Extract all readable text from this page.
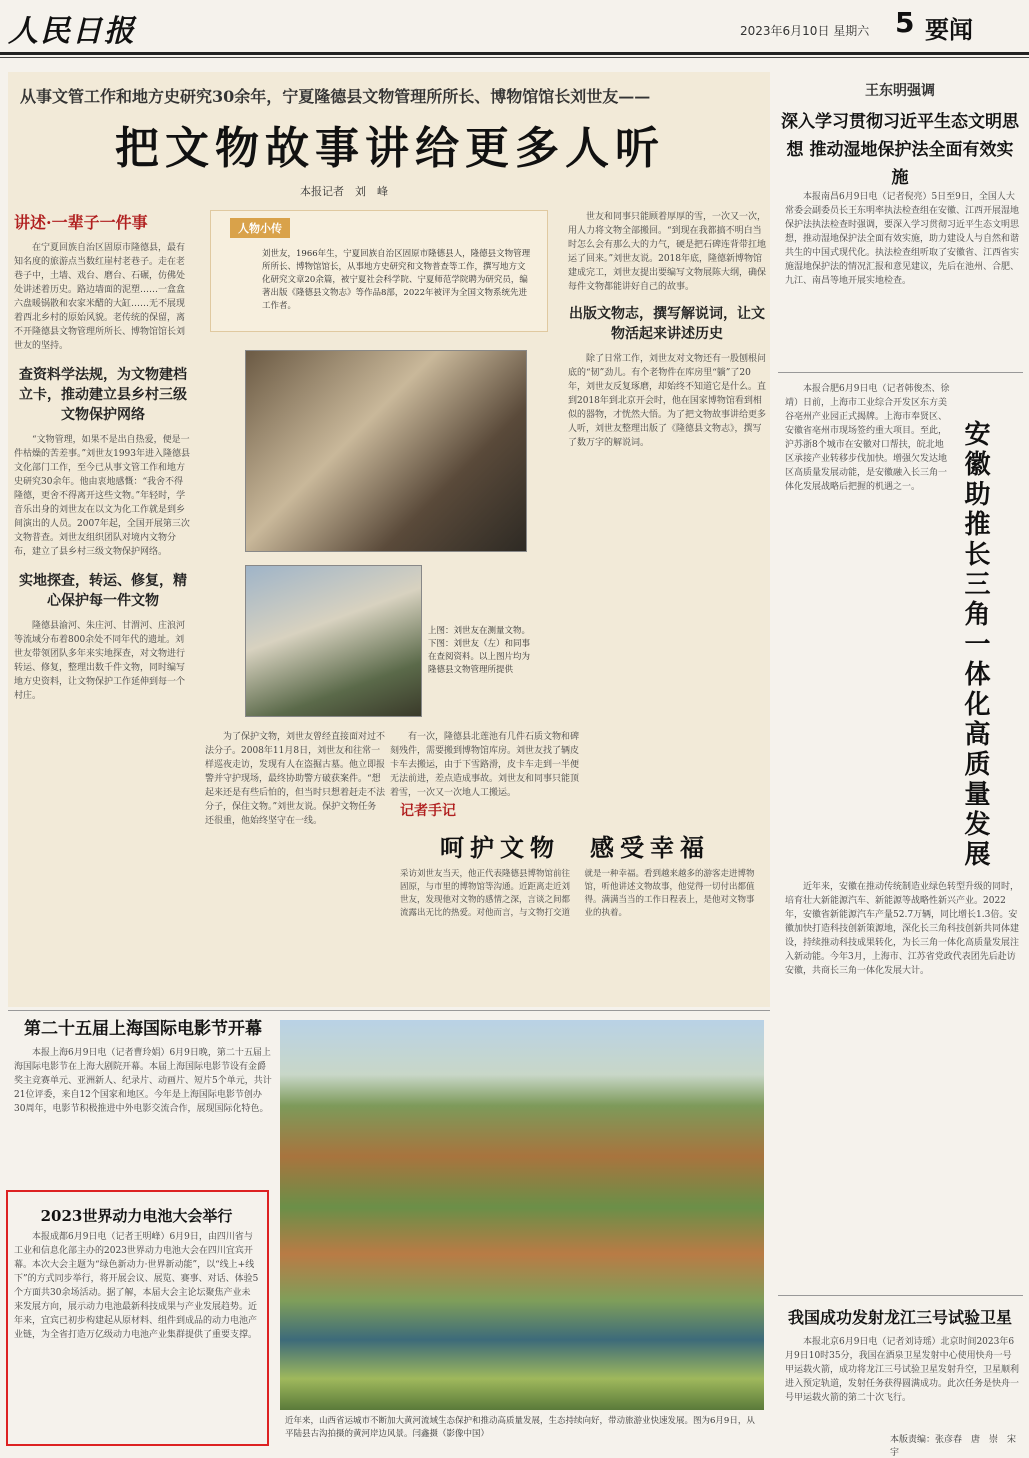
人民日报	2023年6月10日 星期六 5 要闻
从事文管工作和地方史研究30余年，宁夏隆德县文物管理所所长、博物馆馆长刘世友——
把文物故事讲给更多人听
本报记者　刘　峰
讲述·一辈子一件事
在宁夏回族自治区固原市隆德县，最有知名度的旅游点当数红崖村老巷子。走在老巷子中，土墙、戏台、磨台、石碾，仿佛处处讲述着历史。路边墙面的泥塑……一盒盒六盘暖锅散和农家米醋的大缸……无不展现着西北乡村的原始风貌。老传统的保留，离不开隆德县文物管理所所长、博物馆馆长刘世友的坚持。
查资料学法规，为文物建档立卡，推动建立县乡村三级文物保护网络
“文物管理，如果不是出自热爱，便是一件枯燥的苦差事。”刘世友1993年进入隆德县文化部门工作，至今已从事文管工作和地方史研究30余年。他由衷地感慨：“我舍不得隆德，更舍不得离开这些文物。”年轻时，学音乐出身的刘世友在以文为化工作就是到乡间演出的人员。2007年起，全国开展第三次文物普查。刘世友组织团队对境内文物分布，建立了县乡村三级文物保护网络。
实地探查，转运、修复，精心保护每一件文物
隆德县渝河、朱庄河、甘渭河、庄浪河等流域分布着800余处不同年代的遗址。刘世友带领团队多年来实地探查，对文物进行转运、修复，整理出数千件文物，同时编写地方史资料，让文物保护工作延伸到每一个村庄。
人物小传
刘世友，1966年生，宁夏回族自治区固原市隆德县人，隆德县文物管理所所长、博物馆馆长，从事地方史研究和文物普查等工作，撰写地方文化研究文章20余篇，被宁夏社会科学院、宁夏师范学院聘为研究员，编著出版《隆德县文物志》等作品8部，2022年被评为全国文物系统先进工作者。
上图：刘世友在测量文物。下图：刘世友（左）和同事在查阅资料。以上图片均为隆德县文物管理所提供
为了保护文物，刘世友曾经直接面对过不法分子。2008年11月8日，刘世友和往常一样巡夜走访，发现有人在盗掘古墓。他立即报警并守护现场，最终协助警方破获案件。“想起来还是有些后怕的，但当时只想着赶走不法分子，保住文物。”刘世友说。保护文物任务还很重，他始终坚守在一线。
世友和同事只能顾着厚厚的雪，一次又一次，用人力将文物全部搬回。“到现在我都搞不明白当时怎么会有那么大的力气，硬是把石碑连背带扛地运了回来。”刘世友说。2018年底，隆德新博物馆建成完工，刘世友提出要编写文物展陈大纲，确保每件文物都能讲好自己的故事。
出版文物志，撰写解说词，让文物活起来讲述历史
除了日常工作，刘世友对文物还有一股刨根问底的“韧”劲儿。有个老物件在库房里“躺”了20年，刘世友反复琢磨，却始终不知道它是什么。直到2018年到北京开会时，他在国家博物馆看到相似的器物，才恍然大悟。为了把文物故事讲给更多人听，刘世友整理出版了《隆德县文物志》，撰写了数万字的解说词。
有一次，隆德县北莲池有几件石质文物和碑刻残件，需要搬到博物馆库房。刘世友找了辆皮卡车去搬运，由于下雪路滑，皮卡车走到一半便无法前进，差点造成事故。刘世友和同事只能顶着雪，一次又一次地人工搬运。
记者手记
呵护文物　感受幸福
采访刘世友当天，他正代表隆德县博物馆前往固原，与市里的博物馆等沟通。近距离走近刘世友，发现他对文物的感情之深，言谈之间都流露出无比的热爱。对他而言，与文物打交道就是一种幸福。看到越来越多的游客走进博物馆，听他讲述文物故事，他觉得一切付出都值得。满满当当的工作日程表上，是他对文物事业的执着。
王东明强调
深入学习贯彻习近平生态文明思想 推动湿地保护法全面有效实施
本报南昌6月9日电（记者倪亮）5日至9日，全国人大常委会副委员长王东明率执法检查组在安徽、江西开展湿地保护法执法检查时强调，要深入学习贯彻习近平生态文明思想，推动湿地保护法全面有效实施，助力建设人与自然和谐共生的中国式现代化。执法检查组听取了安徽省、江西省实施湿地保护法的情况汇报和意见建议，先后在池州、合肥、九江、南昌等地开展实地检查。
本报合肥6月9日电（记者韩俊杰、徐靖）日前，上海市工业综合开发区东方美谷亳州产业园正式揭牌。上海市奉贤区、安徽省亳州市现场签约重大项目。至此，沪苏浙8个城市在安徽对口帮扶，皖北地区承接产业转移步伐加快。增强欠发达地区高质量发展动能，是安徽融入长三角一体化发展战略后把握的机遇之一。	安徽助推长三角一体化高质量发展
近年来，安徽在推动传统制造业绿色转型升级的同时，培育壮大新能源汽车、新能源等战略性新兴产业。2022年，安徽省新能源汽车产量52.7万辆，同比增长1.3倍。安徽加快打造科技创新策源地，深化长三角科技创新共同体建设，持续推动科技成果转化，为长三角一体化高质量发展注入新动能。今年3月，上海市、江苏省党政代表团先后赴访安徽，共商长三角一体化发展大计。
我国成功发射龙江三号试验卫星
本报北京6月9日电（记者刘诗瑶）北京时间2023年6月9日10时35分，我国在酒泉卫星发射中心使用快舟一号甲运载火箭，成功将龙江三号试验卫星发射升空，卫星顺利进入预定轨道，发射任务获得圆满成功。此次任务是快舟一号甲运载火箭的第二十次飞行。
本版责编：张彦春　唐　崇　宋　宇
第二十五届上海国际电影节开幕
本报上海6月9日电（记者曹玲娟）6月9日晚，第二十五届上海国际电影节在上海大剧院开幕。本届上海国际电影节设有金爵奖主竞赛单元、亚洲新人、纪录片、动画片、短片5个单元，共计21位评委，来自12个国家和地区。今年是上海国际电影节创办30周年，电影节积极推进中外电影交流合作，展现国际化特色。
2023世界动力电池大会举行
本报成都6月9日电（记者王明峰）6月9日，由四川省与工业和信息化部主办的2023世界动力电池大会在四川宜宾开幕。本次大会主题为“绿色新动力·世界新动能”，以“线上+线下”的方式同步举行，将开展会议、展览、赛事、对话、体验5个方面共30余场活动。据了解，本届大会主论坛聚焦产业未来发展方向，展示动力电池最新科技成果与产业发展趋势。近年来，宜宾已初步构建起从原材料、组件到成品的动力电池产业链，为全省打造万亿级动力电池产业集群提供了重要支撑。
近年来，山西省运城市不断加大黄河流域生态保护和推动高质量发展，生态持续向好，带动旅游业快速发展。图为6月9日，从平陆县古沟拍摄的黄河岸边风景。闫鑫摄（影像中国）
